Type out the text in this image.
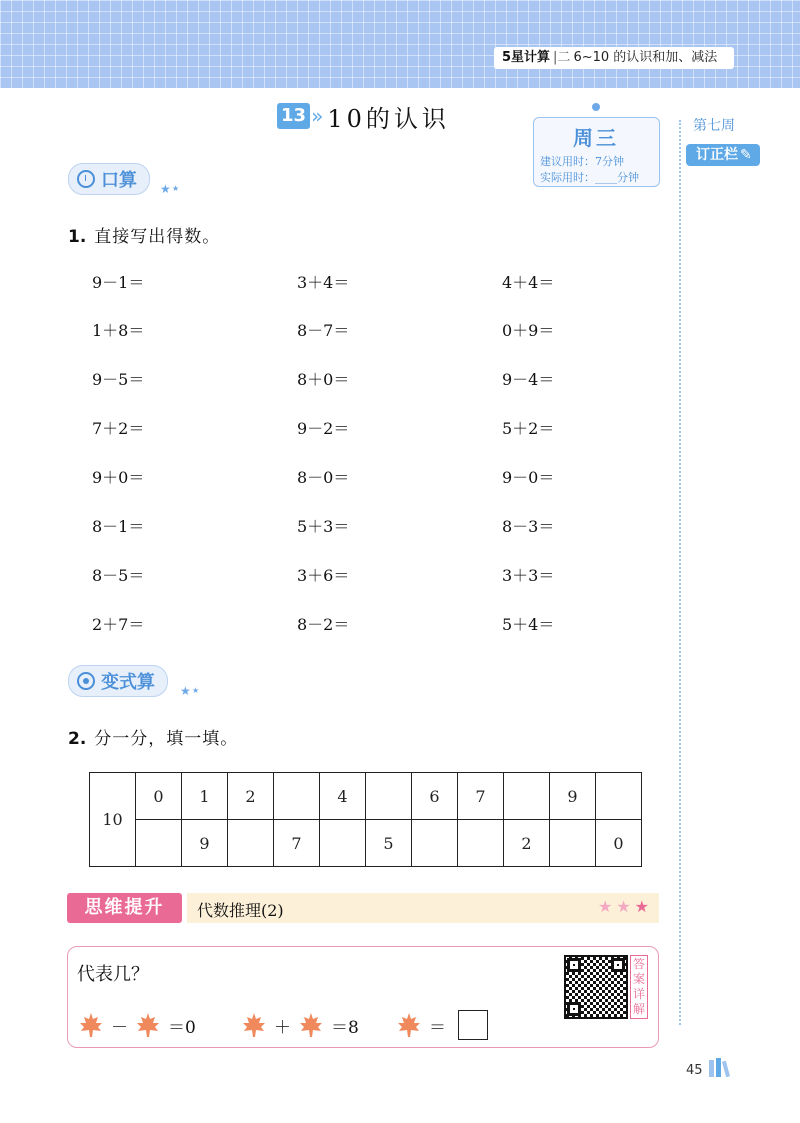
5星计算 |二 6~10 的认识和加、减法
13 » 10的认识
周三
建议用时：7分钟
实际用时：____分钟
第七周
订正栏 ✎
口算 ★ ★
1. 直接写出得数。
9－1＝	3＋4＝	4＋4＝
1＋8＝	8－7＝	0＋9＝
9－5＝	8＋0＝	9－4＝
7＋2＝	9－2＝	5＋2＝
9＋0＝	8－0＝	9－0＝
8－1＝	5＋3＝	8－3＝
8－5＝	3＋6＝	3＋3＝
2＋7＝	8－2＝	5＋4＝
变式算 ★ ★
2. 分一分，填一填。
10	0	1	2		4		6	7		9	
		9		7		5			2		0
思维提升	代数推理(2)	★★★
代表几？	答
案
详
解
－ ＝0	＋ ＝8	＝
45
